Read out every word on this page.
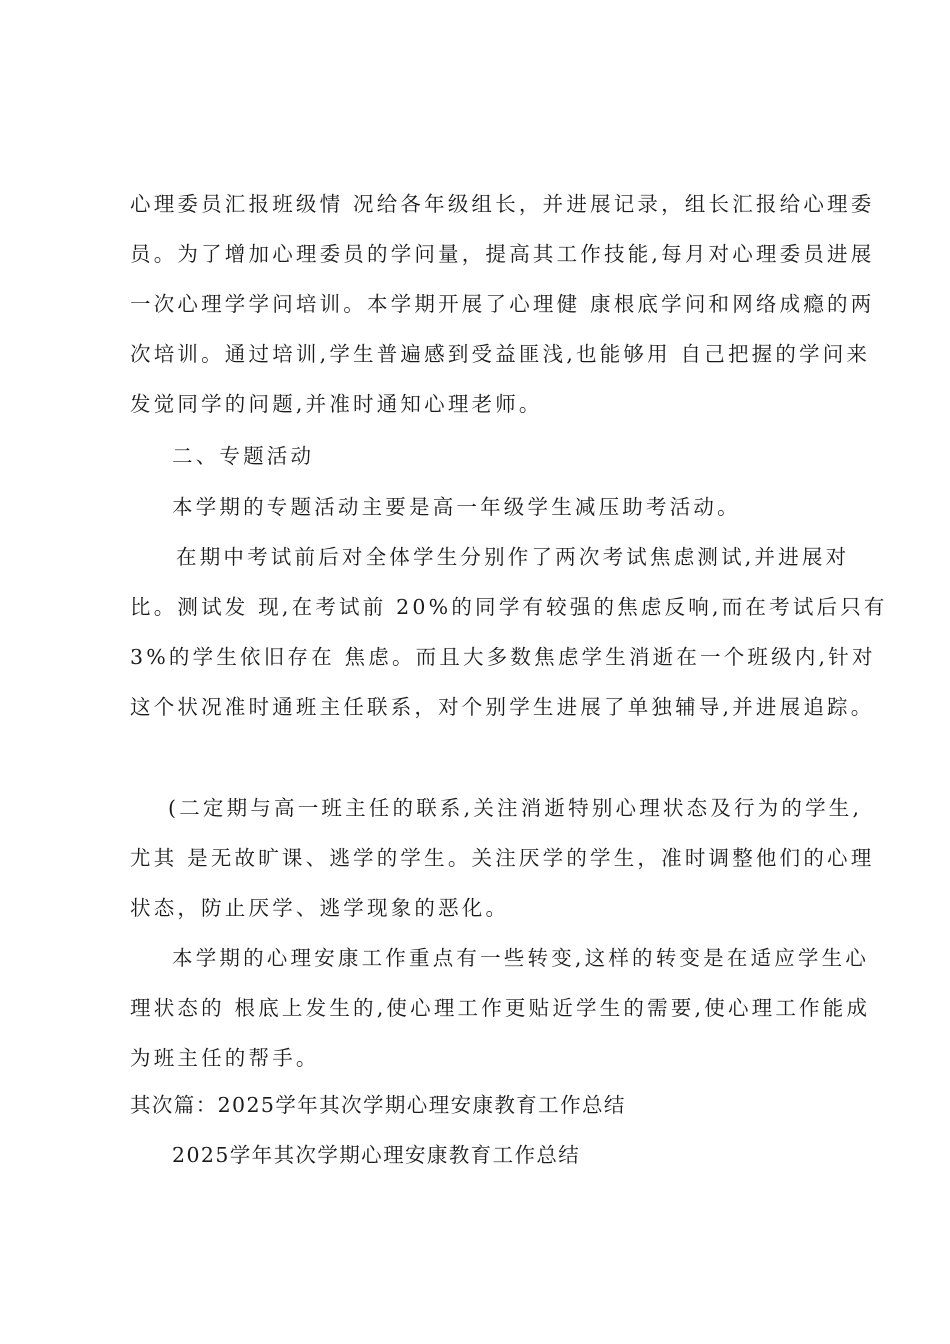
心理委员汇报班级情 况给各年级组长，并进展记录，组长汇报给心理委
员。为了增加心理委员的学问量，提高其工作技能,每月对心理委员进展
一次心理学学问培训。本学期开展了心理健 康根底学问和网络成瘾的两
次培训。通过培训,学生普遍感到受益匪浅,也能够用 自己把握的学问来
发觉同学的问题,并准时通知心理老师。
二、专题活动
本学期的专题活动主要是高一年级学生减压助考活动。
在期中考试前后对全体学生分别作了两次考试焦虑测试,并进展对
比。测试发 现,在考试前 20%的同学有较强的焦虑反响,而在考试后只有
3%的学生依旧存在 焦虑。而且大多数焦虑学生消逝在一个班级内,针对
这个状况准时通班主任联系，对个别学生进展了单独辅导,并进展追踪。
(二定期与高一班主任的联系,关注消逝特别心理状态及行为的学生,
尤其 是无故旷课、逃学的学生。关注厌学的学生，准时调整他们的心理
状态，防止厌学、逃学现象的恶化。
本学期的心理安康工作重点有一些转变,这样的转变是在适应学生心
理状态的 根底上发生的,使心理工作更贴近学生的需要,使心理工作能成
为班主任的帮手。
其次篇：2025学年其次学期心理安康教育工作总结
2025学年其次学期心理安康教育工作总结
